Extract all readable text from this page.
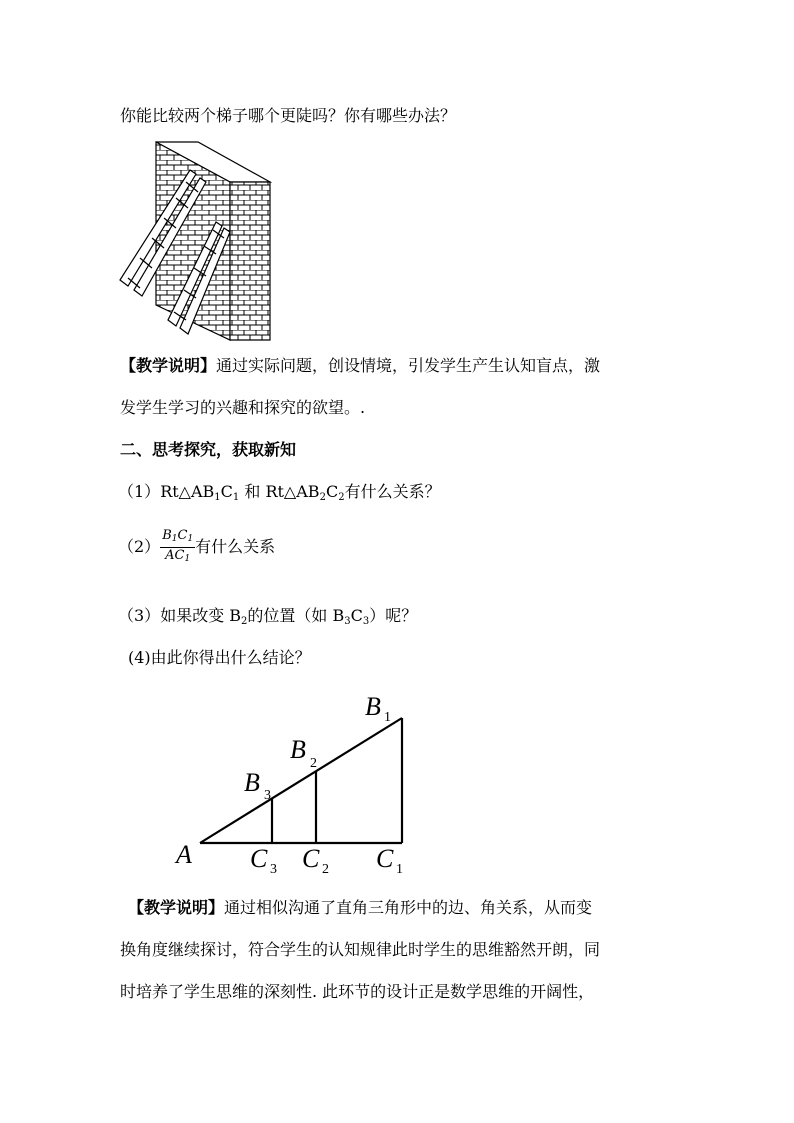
你能比较两个梯子哪个更陡吗？你有哪些办法？
【教学说明】通过实际问题，创设情境，引发学生产生认知盲点，激
发学生学习的兴趣和探究的欲望。.
二、思考探究，获取新知
$(1)Rt\triangle AB_1C_1$ 和 $Rt\triangle AB_2C_2$有什么关系？
$(2) \frac{B_1C_1}{AC_1}$ 有什么关系
（3）如果改变 $B_2$的位置（如 $B_3C_3$）呢？
(4)由此你得出什么结论？
A
B 1
B 2
B 3
C 3 C 2 C 1
【教学说明】通过相似沟通了直角三角形中的边、角关系，从而变
换角度继续探讨，符合学生的认知规律此时学生的思维豁然开朗，同
时培养了学生思维的深刻性. 此环节的设计正是数学思维的开阔性，
